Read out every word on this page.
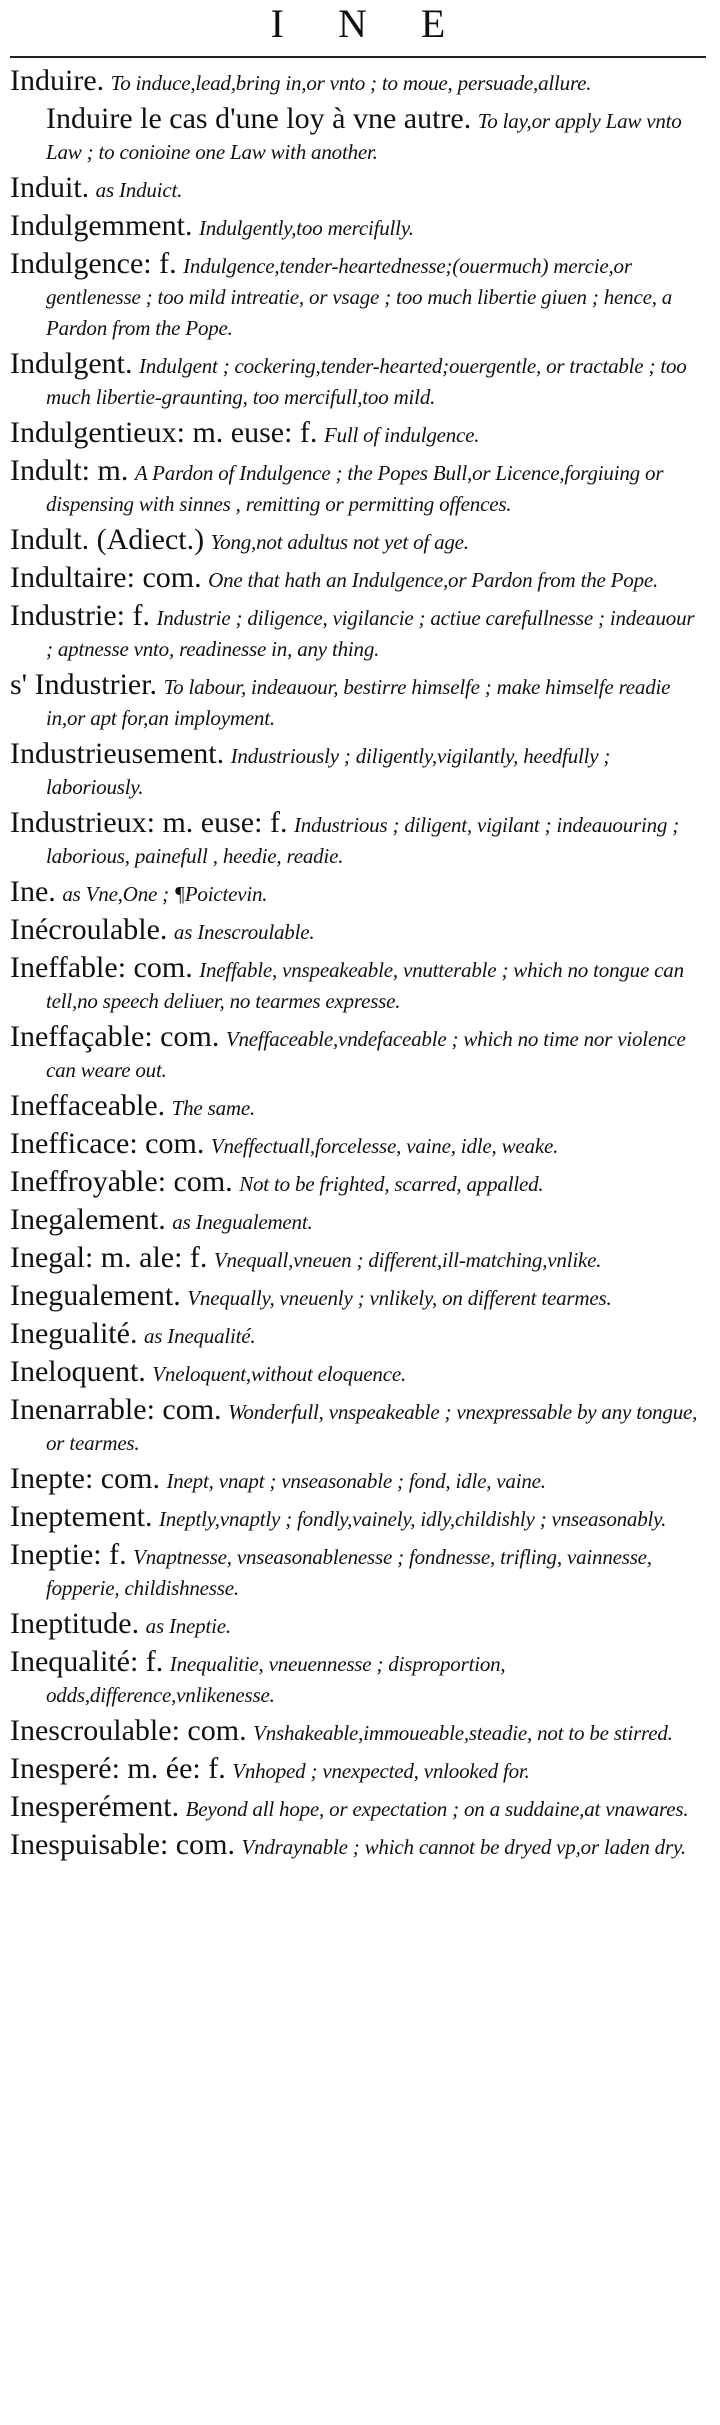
I N E

Induire. To induce,lead,bring in,or vnto ; to moue, persuade,allure.

Induire le cas d'une loy à vne autre. To lay,or apply Law vnto Law ; to conioine one Law with another.

Induit. as Induict.

Indulgemment. Indulgently,too mercifully.

Indulgence: f. Indulgence,tender-heartednesse;(ouermuch) mercie,or gentlenesse ; too mild intreatie, or vsage ; too much libertie giuen ; hence, a Pardon from the Pope.

Indulgent. Indulgent ; cockering,tender-hearted;ouergentle, or tractable ; too much libertie-graunting, too mercifull,too mild.

Indulgentieux: m. euse: f. Full of indulgence.

Indult: m. A Pardon of Indulgence ; the Popes Bull,or Licence,forgiuing or dispensing with sinnes , remitting or permitting offences.

Indult. (Adiect.) Yong,not adultus not yet of age.

Indultaire: com. One that hath an Indulgence,or Pardon from the Pope.

Industrie: f. Industrie ; diligence, vigilancie ; actiue carefullnesse ; indeauour ; aptnesse vnto, readinesse in, any thing.

s' Industrier. To labour, indeauour, bestirre himselfe ; make himselfe readie in,or apt for,an imployment.

Industrieusement. Industriously ; diligently,vigilantly, heedfully ; laboriously.

Industrieux: m. euse: f. Industrious ; diligent, vigilant ; indeauouring ; laborious, painefull , heedie, readie.

Ine. as Vne,One ; ¶Poictevin.

Inécroulable. as Inescroulable.

Ineffable: com. Ineffable, vnspeakeable, vnutterable ; which no tongue can tell,no speech deliuer, no tearmes expresse.

Ineffaçable: com. Vneffaceable,vndefaceable ; which no time nor violence can weare out.

Ineffaceable. The same.

Inefficace: com. Vneffectuall,forcelesse, vaine, idle, weake.

Ineffroyable: com. Not to be frighted, scarred, appalled.

Inegalement. as Inegualement.

Inegal: m. ale: f. Vnequall,vneuen ; different,ill-matching,vnlike.

Inegualement. Vnequally, vneuenly ; vnlikely, on different tearmes.

Inegualité. as Inequalité.

Ineloquent. Vneloquent,without eloquence.

Inenarrable: com. Wonderfull, vnspeakeable ; vnexpressable by any tongue, or tearmes.

Inepte: com. Inept, vnapt ; vnseasonable ; fond, idle, vaine.

Ineptement. Ineptly,vnaptly ; fondly,vainely, idly,childishly ; vnseasonably.

Ineptie: f. Vnaptnesse, vnseasonablenesse ; fondnesse, trifling, vainnesse, fopperie, childishnesse.

Ineptitude. as Ineptie.

Inequalité: f. Inequalitie, vneuennesse ; disproportion, odds,difference,vnlikenesse.

Inescroulable: com. Vnshakeable,immoueable,steadie, not to be stirred.

Inesperé: m. ée: f. Vnhoped ; vnexpected, vnlooked for.

Inesperément. Beyond all hope, or expectation ; on a suddaine,at vnawares.

Inespuisable: com. Vndraynable ; which cannot be dryed vp,or laden dry.
